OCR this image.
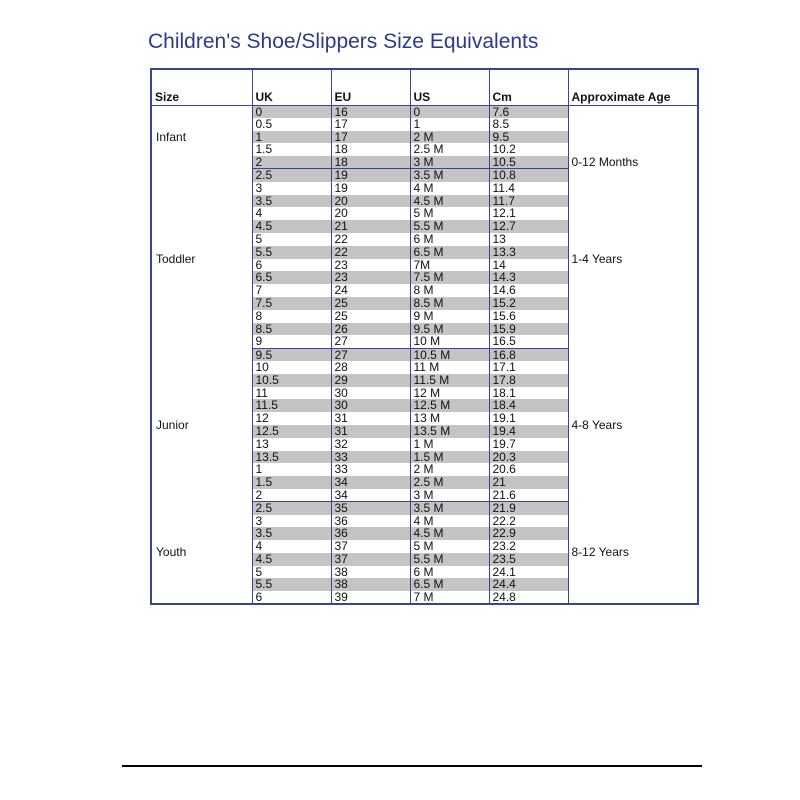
Children's Shoe/Slippers Size Equivalents
Size	UK	EU	US	Cm	Approximate Age
Infant	0	16	0	7.6	0-12 Months
	0.5	17	1	8.5	
	1	17	2 M	9.5	
	1.5	18	2.5 M	10.2	
	2	18	3 M	10.5	
Toddler	2.5	19	3.5 M	10.8	1-4 Years
	3	19	4 M	11.4	
	3.5	20	4.5 M	11.7	
	4	20	5 M	12.1	
	4.5	21	5.5 M	12.7	
	5	22	6 M	13	
	5.5	22	6.5 M	13.3	
	6	23	7M	14	
	6.5	23	7.5 M	14.3	
	7	24	8 M	14.6	
	7.5	25	8.5 M	15.2	
	8	25	9 M	15.6	
	8.5	26	9.5 M	15.9	
	9	27	10 M	16.5	
Junior	9.5	27	10.5 M	16.8	4-8 Years
	10	28	11 M	17.1	
	10.5	29	11.5 M	17.8	
	11	30	12 M	18.1	
	11.5	30	12.5 M	18.4	
	12	31	13 M	19.1	
	12.5	31	13.5 M	19.4	
	13	32	1 M	19.7	
	13.5	33	1.5 M	20.3	
	1	33	2 M	20.6	
	1.5	34	2.5 M	21	
	2	34	3 M	21.6	
Youth	2.5	35	3.5 M	21.9	8-12 Years
	3	36	4 M	22.2	
	3.5	36	4.5 M	22.9	
	4	37	5 M	23.2	
	4.5	37	5.5 M	23.5	
	5	38	6 M	24.1	
	5.5	38	6.5 M	24.4	
	6	39	7 M	24.8	
